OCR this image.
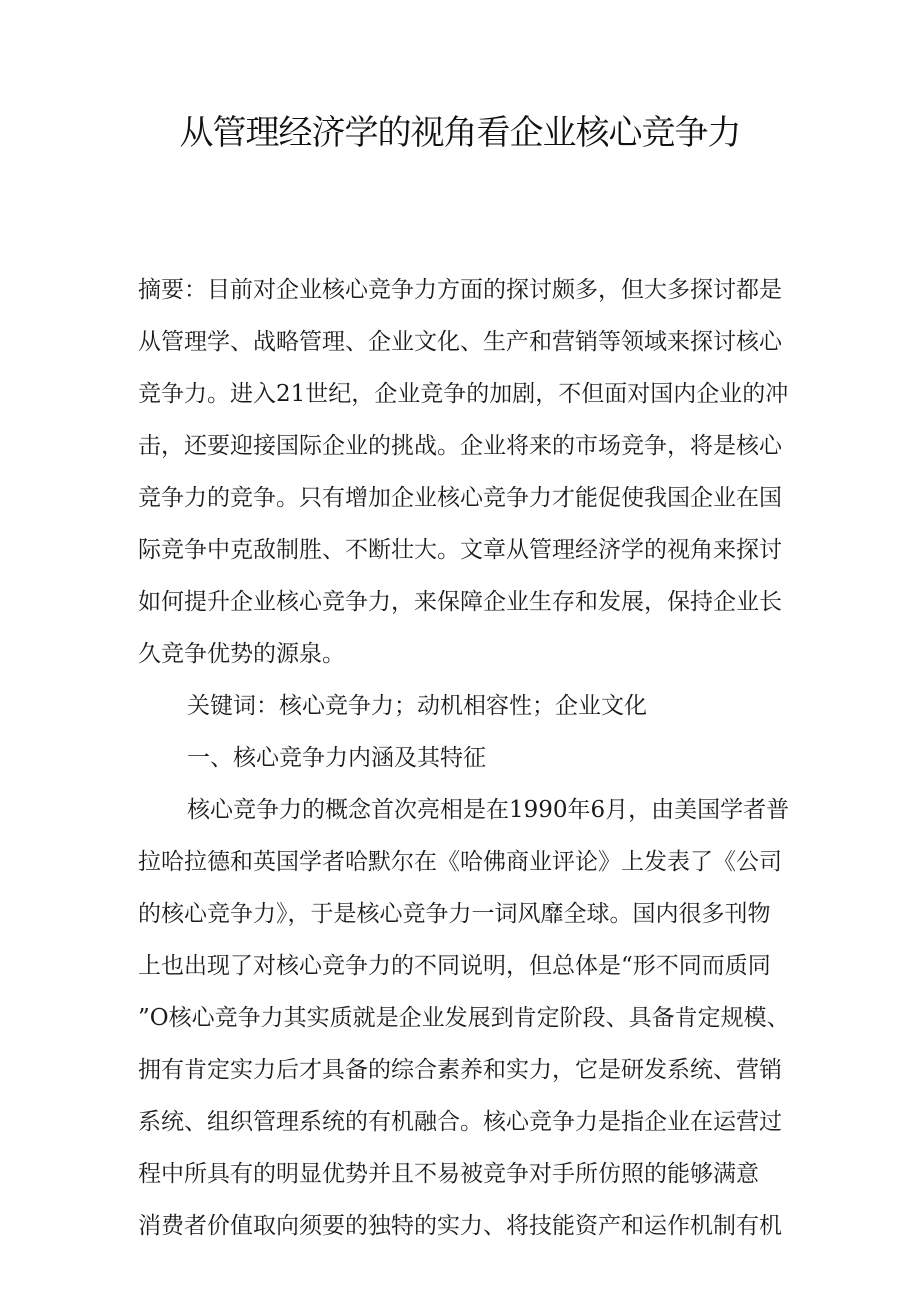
从管理经济学的视角看企业核心竞争力

摘要：目前对企业核心竞争力方面的探讨颇多，但大多探讨都是

从管理学、战略管理、企业文化、生产和营销等领域来探讨核心

竞争力。进入21世纪，企业竞争的加剧，不但面对国内企业的冲

击，还要迎接国际企业的挑战。企业将来的市场竞争，将是核心

竞争力的竞争。只有增加企业核心竞争力才能促使我国企业在国

际竞争中克敌制胜、不断壮大。文章从管理经济学的视角来探讨

如何提升企业核心竞争力，来保障企业生存和发展，保持企业长

久竞争优势的源泉。

关键词：核心竞争力；动机相容性；企业文化

一、核心竞争力内涵及其特征

核心竞争力的概念首次亮相是在1990年6月，由美国学者普

拉哈拉德和英国学者哈默尔在《哈佛商业评论》上发表了《公司

的核心竞争力》，于是核心竞争力一词风靡全球。国内很多刊物

上也出现了对核心竞争力的不同说明，但总体是“形不同而质同

”O核心竞争力其实质就是企业发展到肯定阶段、具备肯定规模、

拥有肯定实力后才具备的综合素养和实力，它是研发系统、营销

系统、组织管理系统的有机融合。核心竞争力是指企业在运营过

程中所具有的明显优势并且不易被竞争对手所仿照的能够满意

消费者价值取向须要的独特的实力、将技能资产和运作机制有机
